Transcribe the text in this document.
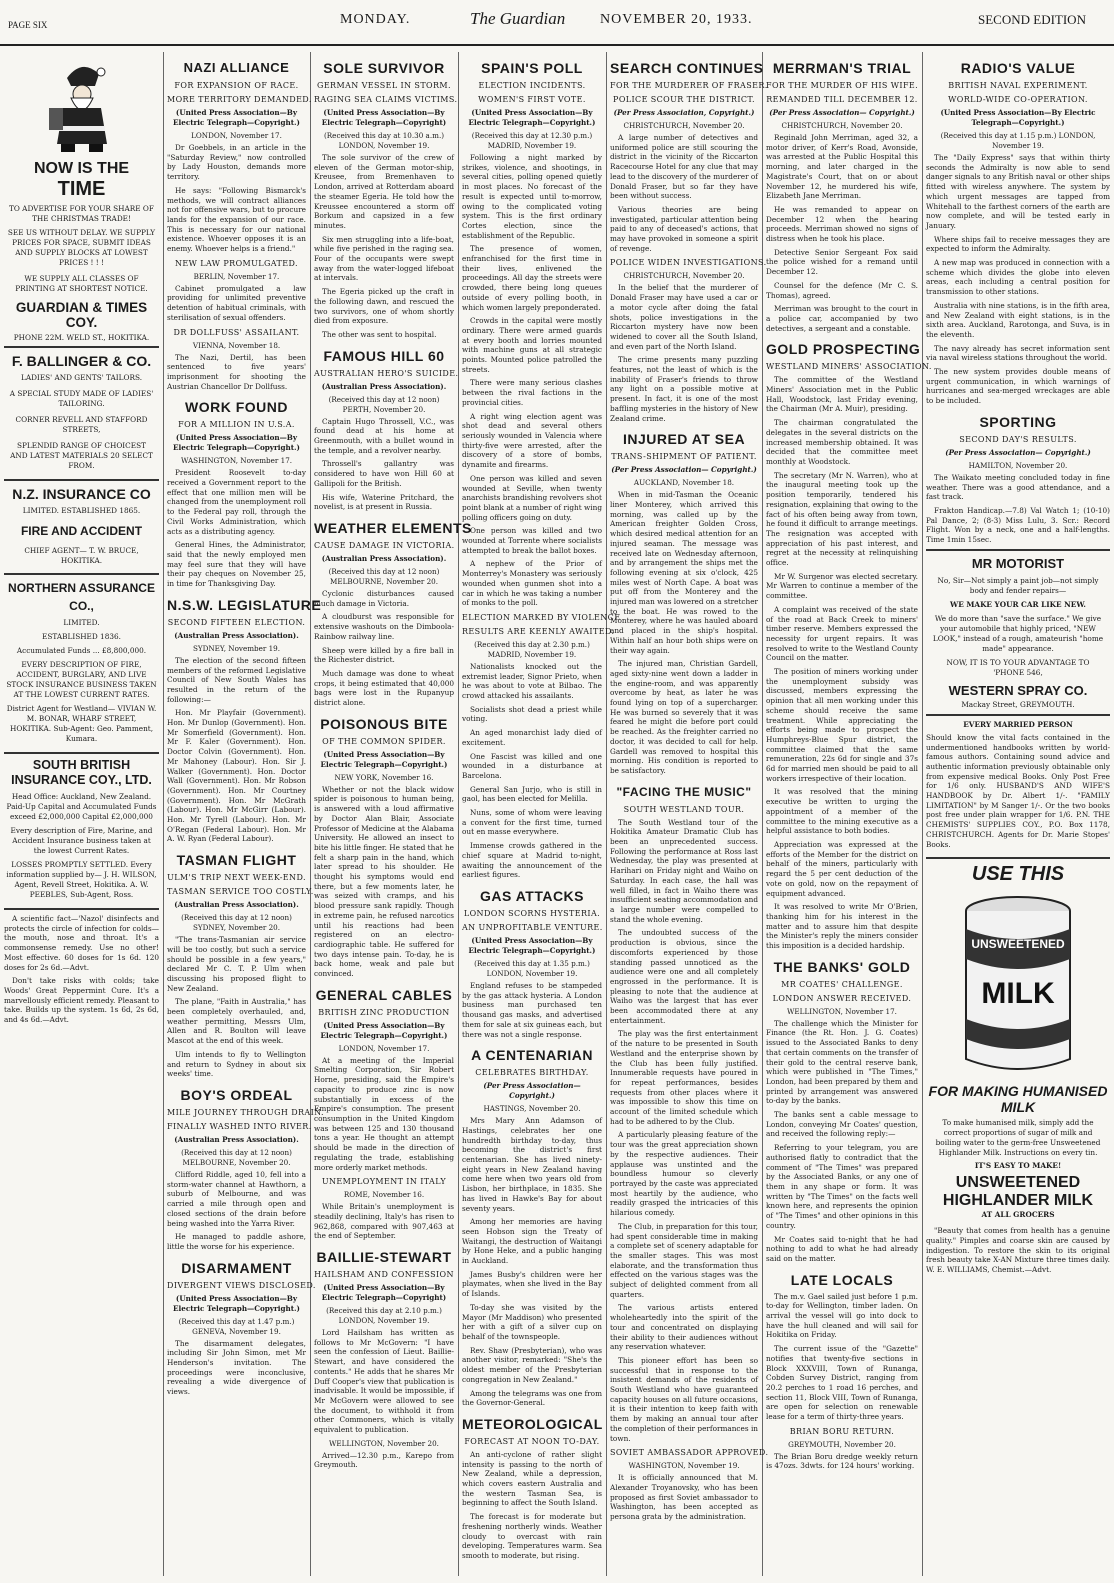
PAGE SIX	MONDAY.	The Guardian NOVEMBER 20, 1933.	SECOND EDITION
NOW IS THE
TIME
TO ADVERTISE FOR YOUR SHARE OF THE CHRISTMAS TRADE!
SEE US WITHOUT DELAY. WE SUPPLY PRICES FOR SPACE, SUBMIT IDEAS AND SUPPLY BLOCKS AT LOWEST PRICES ! ! !
WE SUPPLY ALL CLASSES OF PRINTING AT SHORTEST NOTICE.
GUARDIAN & TIMES COY.
PHONE 22M. WELD ST., HOKITIKA.
F. BALLINGER & CO.
LADIES' AND GENTS' TAILORS.
A SPECIAL STUDY MADE OF LADIES' TAILORING.
CORNER REVELL AND STAFFORD STREETS,
SPLENDID RANGE OF CHOICEST AND LATEST MATERIALS 20 SELECT FROM.
N.Z. INSURANCE CO
LIMITED. ESTABLISHED 1865.
FIRE AND ACCIDENT
CHIEF AGENT— T. W. BRUCE, HOKITIKA.
NORTHERN ASSURANCE CO.,
LIMITED.
ESTABLISHED 1836.
Accumulated Funds ... £8,800,000.
EVERY DESCRIPTION OF FIRE, ACCIDENT, BURGLARY, AND LIVE STOCK INSURANCE BUSINESS TAKEN AT THE LOWEST CURRENT RATES.
District Agent for Westland— VIVIAN W. M. BONAR, WHARF STREET, HOKITIKA. Sub-Agent: Geo. Pamment, Kumara.
SOUTH BRITISH INSURANCE COY., LTD.
Head Office: Auckland, New Zealand. Paid-Up Capital and Accumulated Funds exceed £2,000,000 Capital £2,000,000
Every description of Fire, Marine, and Accident Insurance business taken at the lowest Current Rates.
LOSSES PROMPTLY SETTLED. Every information supplied by— J. H. WILSON, Agent, Revell Street, Hokitika. A. W. PEEBLES, Sub-Agent, Ross.

A scientific fact—'Nazol' disinfects and protects the circle of infection for colds—the mouth, nose and throat. It's a commonsense remedy. Use no other! Most effective. 60 doses for 1s 6d. 120 doses for 2s 6d.—Advt.

Don't take risks with colds; take Woods' Great Peppermint Cure. It's a marvellously efficient remedy. Pleasant to take. Builds up the system. 1s 6d, 2s 6d, and 4s 6d.—Advt.

NAZI ALLIANCE
FOR EXPANSION OF RACE.
MORE TERRITORY DEMANDED.
(United Press Association—By Electric Telegraph—Copyright.)
LONDON, November 17.

Dr Goebbels, in an article in the "Saturday Review," now controlled by Lady Houston, demands more territory.

He says: "Following Bismarck's methods, we will contract alliances not for offensive wars, but to procure lands for the expansion of our race. This is necessary for our national existence. Whoever opposes it is an enemy. Whoever helps is a friend."

NEW LAW PROMULGATED.
BERLIN, November 17.

Cabinet promulgated a law providing for unlimited preventive detention of habitual criminals, with sterilisation of sexual offenders.

DR DOLLFUSS' ASSAILANT.
VIENNA, November 18.

The Nazi, Dertil, has been sentenced to five years' imprisonment for shooting the Austrian Chancellor Dr Dollfuss.

WORK FOUND
FOR A MILLION IN U.S.A.
(United Press Association—By Electric Telegraph—Copyright.)
WASHINGTON, November 17.

President Roosevelt to-day received a Government report to the effect that one million men will be changed from the unemployment roll to the Federal pay roll, through the Civil Works Administration, which acts as a distributing agency.

General Hines, the Administrator, said that the newly employed men may feel sure that they will have their pay cheques on November 25, in time for Thanksgiving Day.

N.S.W. LEGISLATURE
SECOND FIFTEEN ELECTION.
(Australian Press Association).
SYDNEY, November 19.

The election of the second fifteen members of the reformed Legislative Council of New South Wales has resulted in the return of the following:—

Hon. Mr Playfair (Government). Hon. Mr Dunlop (Government). Hon. Mr Somerfield (Government). Hon. Mr F. Kaler (Government). Hon. Doctor Colvin (Government). Hon. Mr Mahoney (Labour). Hon. Sir J. Walker (Government). Hon. Doctor Wall (Government). Hon. Mr Robson (Government). Hon. Mr Courtney (Government). Hon. Mr McGrath (Labour). Hon. Mr McGirr (Labour). Hon. Mr Tyrell (Labour). Hon. Mr O'Regan (Federal Labour). Hon. Mr A. W. Ryan (Federal Labour).

TASMAN FLIGHT
ULM'S TRIP NEXT WEEK-END.
TASMAN SERVICE TOO COSTLY.
(Australian Press Association).
(Received this day at 12 noon) SYDNEY, November 20.

"The trans-Tasmanian air service will be too costly, but such a service should be possible in a few years," declared Mr C. T. P. Ulm when discussing his proposed flight to New Zealand.

The plane, "Faith in Australia," has been completely overhauled, and, weather permitting, Messrs Ulm, Allen and R. Boulton will leave Mascot at the end of this week.

Ulm intends to fly to Wellington and return to Sydney in about six weeks' time.

BOY'S ORDEAL
MILE JOURNEY THROUGH DRAIN.
FINALLY WASHED INTO RIVER.
(Australian Press Association).
(Received this day at 12 noon) MELBOURNE, November 20.

Clifford Riddle, aged 10, fell into a storm-water channel at Hawthorn, a suburb of Melbourne, and was carried a mile through open and closed sections of the drain before being washed into the Yarra River.

He managed to paddle ashore, little the worse for his experience.

DISARMAMENT
DIVERGENT VIEWS DISCLOSED.
(United Press Association—By Electric Telegraph—Copyright.)
(Received this day at 1.47 p.m.) GENEVA, November 19.

The disarmament delegates, including Sir John Simon, met Mr Henderson's invitation. The proceedings were inconclusive, revealing a wide divergence of views.

SOLE SURVIVOR
GERMAN VESSEL IN STORM.
RAGING SEA CLAIMS VICTIMS.
(United Press Association—By Electric Telegraph—Copyright)
(Received this day at 10.30 a.m.) LONDON, November 19.

The sole survivor of the crew of eleven of the German motor-ship, Kreusee, from Bremenhaven to London, arrived at Rotterdam aboard the steamer Egeria. He told how the Kreussee encountered a storm off Borkum and capsized in a few minutes.

Six men struggling into a life-boat, while five perished in the raging sea. Four of the occupants were swept away from the water-logged lifeboat at intervals.

The Egeria picked up the craft in the following dawn, and rescued the two survivors, one of whom shortly died from exposure.

The other was sent to hospital.

FAMOUS HILL 60
AUSTRALIAN HERO'S SUICIDE.
(Australian Press Association).
(Received this day at 12 noon) PERTH, November 20.

Captain Hugo Throssell, V.C., was found dead at his home at Greenmouth, with a bullet wound in the temple, and a revolver nearby.

Throssell's gallantry was considered to have won Hill 60 at Gallipoli for the British.

His wife, Waterine Pritchard, the novelist, is at present in Russia.

WEATHER ELEMENTS
CAUSE DAMAGE IN VICTORIA.
(Australian Press Association).
(Received this day at 12 noon) MELBOURNE, November 20.

Cyclonic disturbances caused much damage in Victoria.

A cloudburst was responsible for extensive washouts on the Dimboola-Rainbow railway line.

Sheep were killed by a fire ball in the Richester district.

Much damage was done to wheat crops, it being estimated that 40,000 bags were lost in the Rupanyup district alone.

POISONOUS BITE
OF THE COMMON SPIDER.
(United Press Association—By Electric Telegraph—Copyright.)
NEW YORK, November 16.

Whether or not the black widow spider is poisonous to human being, is answered with a loud affirmative by Doctor Alan Blair, Associate Professor of Medicine at the Alabama University. He allowed an insect to bite his little finger. He stated that he felt a sharp pain in the hand, which later spread to his shoulder. He thought his symptoms would end there, but a few moments later, he was seized with cramps, and his blood pressure sank rapidly. Though in extreme pain, he refused narcotics until his reactions had been registered on an electro-cardiographic table. He suffered for two days intense pain. To-day, he is back home, weak and pale but convinced.

GENERAL CABLES
BRITISH ZINC PRODUCTION
(United Press Association—By Electric Telegraph—Copyright.)
LONDON, November 17.

At a meeting of the Imperial Smelting Corporation, Sir Robert Horne, presiding, said the Empire's capacity to produce zinc is now substantially in excess of the Empire's consumption. The present consumption in the United Kingdom was between 125 and 130 thousand tons a year. He thought an attempt should be made in the direction of regulating the trade, establishing more orderly market methods.

UNEMPLOYMENT IN ITALY
ROME, November 16.

While Britain's unemployment is steadily declining, Italy's has risen to 962,868, compared with 907,463 at the end of September.

BAILLIE-STEWART
HAILSHAM AND CONFESSION
(United Press Association—By Electric Telegraph—Copyright)
(Received this day at 2.10 p.m.) LONDON, November 19.

Lord Hailsham has written as follows to Mr McGovern: "I have seen the confession of Lieut. Baillie-Stewart, and have considered the contents." He adds that he shares Mr Duff Cooper's view that publication is inadvisable. It would be impossible, if Mr McGovern were allowed to see the document, to withhold it from other Commoners, which is vitally equivalent to publication.

WELLINGTON, November 20.

Arrived—12.30 p.m., Karepo from Greymouth.

SPAIN'S POLL
ELECTION INCIDENTS.
WOMEN'S FIRST VOTE.
(United Press Association—By Electric Telegraph—Copyright.)
(Received this day at 12.30 p.m.) MADRID, November 19.

Following a night marked by strikes, violence, and shootings, in several cities, polling opened quietly in most places. No forecast of the result is expected until to-morrow, owing to the complicated voting system. This is the first ordinary Cortes election, since the establishment of the Republic.

The presence of women, enfranchised for the first time in their lives, enlivened the proceedings. All day the streets were crowded, there being long queues outside of every polling booth, in which women largely preponderated.

Crowds in the capital were mostly ordinary. There were armed guards at every booth and lorries mounted with machine guns at all strategic points. Mounted police patrolled the streets.

There were many serious clashes between the rival factions in the provincial cities.

A right wing election agent was shot dead and several others seriously wounded in Valencia where thirty-five were arrested, after the discovery of a store of bombs, dynamite and firearms.

One person was killed and seven wounded at Seville, when twenty anarchists brandishing revolvers shot point blank at a number of right wing polling officers going on duty.

One person was killed and two wounded at Torrente where socialists attempted to break the ballot boxes.

A nephew of the Prior of Monterrey's Monastery was seriously wounded when gunmen shot into a car in which he was taking a number of monks to the poll.

ELECTION MARKED BY VIOLENCE
RESULTS ARE KEENLY AWAITED.
(Received this day at 2.30 p.m.) MADRID, November 19.

Nationalists knocked out the extremist leader, Signor Prieto, when he was about to vote at Bilbao. The crowd attacked his assailants.

Socialists shot dead a priest while voting.

An aged monarchist lady died of excitement.

One Fascist was killed and one wounded in a disturbance at Barcelona.

General San Jurjo, who is still in gaol, has been elected for Melilla.

Nuns, some of whom were leaving a convent for the first time, turned out en masse everywhere.

Immense crowds gathered in the chief square at Madrid to-night, awaiting the announcement of the earliest figures.

GAS ATTACKS
LONDON SCORNS HYSTERIA.
AN UNPROFITABLE VENTURE.
(United Press Association—By Electric Telegraph—Copyright.)
(Received this day at 1.35 p.m.) LONDON, November 19.

England refuses to be stampeded by the gas attack hysteria. A London business man purchased ten thousand gas masks, and advertised them for sale at six guineas each, but there was not a single response.

A CENTENARIAN
CELEBRATES BIRTHDAY.
(Per Press Association—Copyright.)
HASTINGS, November 20.

Mrs Mary Ann Adamson of Hastings, celebrates her one hundredth birthday to-day, thus becoming the district's first centenarian. She has lived ninety-eight years in New Zealand having come here when two years old from Lisbon, her birthplace, in 1835. She has lived in Hawke's Bay for about seventy years.

Among her memories are having seen Hobson sign the Treaty of Waitangi, the destruction of Waitangi by Hone Heke, and a public hanging in Auckland.

James Busby's children were her playmates, when she lived in the Bay of Islands.

To-day she was visited by the Mayor (Mr Maddison) who presented her with a gift of a silver cup on behalf of the townspeople.

Rev. Shaw (Presbyterian), who was another visitor, remarked: "She's the oldest member of the Presbyterian congregation in New Zealand."

Among the telegrams was one from the Governor-General.

METEOROLOGICAL
FORECAST AT NOON TO-DAY.

An anti-cyclone of rather slight intensity is passing to the north of New Zealand, while a depression, which covers eastern Australia and the western Tasman Sea, is beginning to affect the South Island.

The forecast is for moderate but freshening northerly winds. Weather cloudy to overcast with rain developing. Temperatures warm. Sea smooth to moderate, but rising.

SEARCH CONTINUES
FOR THE MURDERER OF FRASER.
POLICE SCOUR THE DISTRICT.
(Per Press Association, Copyright.)
CHRISTCHURCH, November 20.

A large number of detectives and uniformed police are still scouring the district in the vicinity of the Riccarton Racecourse Hotel for any clue that may lead to the discovery of the murderer of Donald Fraser, but so far they have been without success.

Various theories are being investigated, particular attention being paid to any of deceased's actions, that may have provoked in someone a spirit of revenge.

POLICE WIDEN INVESTIGATIONS.
CHRISTCHURCH, November 20.

In the belief that the murderer of Donald Fraser may have used a car or a motor cycle after doing the fatal shots, police investigations in the Riccarton mystery have now been widened to cover all the South Island, and even part of the North Island.

The crime presents many puzzling features, not the least of which is the inability of Fraser's friends to throw any light on a possible motive at present. In fact, it is one of the most baffling mysteries in the history of New Zealand crime.

INJURED AT SEA
TRANS-SHIPMENT OF PATIENT.
(Per Press Association— Copyright.)
AUCKLAND, November 18.

When in mid-Tasman the Oceanic liner Monterey, which arrived this morning, was called up by the American freighter Golden Cross, which desired medical attention for an injured seaman. The message was received late on Wednesday afternoon, and by arrangement the ships met the following evening at six o'clock, 425 miles west of North Cape. A boat was put off from the Monterey and the injured man was lowered on a stretcher to the boat. He was rowed to the Monterey, where he was hauled aboard and placed in the ship's hospital. Within half an hour both ships were on their way again.

The injured man, Christian Gardell, aged sixty-nine went down a ladder in the engine-room, and was apparently overcome by heat, as later he was found lying on top of a supercharger. He was burned so severely that it was feared he might die before port could be reached. As the freighter carried no doctor, it was decided to call for help. Gardell was removed to hospital this morning. His condition is reported to be satisfactory.

"FACING THE MUSIC"
SOUTH WESTLAND TOUR.

The South Westland tour of the Hokitika Amateur Dramatic Club has been an unprecedented success. Following the performance at Ross last Wednesday, the play was presented at Harihari on Friday night and Waiho on Saturday. In each case, the hall was well filled, in fact in Waiho there was insufficient seating accommodation and a large number were compelled to stand the whole evening.

The undoubted success of the production is obvious, since the discomforts experienced by those standing passed unnoticed as the audience were one and all completely engrossed in the performance. It is pleasing to note that the audience at Waiho was the largest that has ever been accommodated there at any entertainment.

The play was the first entertainment of the nature to be presented in South Westland and the enterprise shown by the Club has been fully justified. Innumerable requests have poured in for repeat performances, besides requests from other places where it was impossible to show this time on account of the limited schedule which had to be adhered to by the Club.

A particularly pleasing feature of the tour was the great appreciation shown by the respective audiences. Their applause was unstinted and the boundless humour so cleverly portrayed by the caste was appreciated most heartily by the audience, who readily grasped the intricacies of this hilarious comedy.

The Club, in preparation for this tour, had spent considerable time in making a complete set of scenery adaptable for the smaller stages. This was most elaborate, and the transformation thus effected on the various stages was the subject of delighted comment from all quarters.

The various artists entered wholeheartedly into the spirit of the tour and concentrated on displaying their ability to their audiences without any reservation whatever.

This pioneer effort has been so successful that in response to the insistent demands of the residents of South Westland who have guaranteed capacity houses on all future occasions, it is their intention to keep faith with them by making an annual tour after the completion of their performances in town.

SOVIET AMBASSADOR APPROVED.
WASHINGTON, November 19.

It is officially announced that M. Alexander Troyanovsky, who has been proposed as first Soviet ambassador to Washington, has been accepted as persona grata by the administration.

MERRMAN'S TRIAL
FOR THE MURDER OF HIS WIFE.
REMANDED TILL DECEMBER 12.
(Per Press Association— Copyright.)
CHRISTCHURCH, November 20.

Reginald John Merriman, aged 32, a motor driver, of Kerr's Road, Avonside, was arrested at the Public Hospital this morning, and later charged in the Magistrate's Court, that on or about November 12, he murdered his wife, Elizabeth Jane Merriman.

He was remanded to appear on December 12 when the hearing proceeds. Merriman showed no signs of distress when he took his place.

Detective Senior Sergeant Fox said the police wished for a remand until December 12.

Counsel for the defence (Mr C. S. Thomas), agreed.

Merriman was brought to the court in a police car, accompanied by two detectives, a sergeant and a constable.

GOLD PROSPECTING
WESTLAND MINERS' ASSOCIATION.

The committee of the Westland Miners' Association met in the Public Hall, Woodstock, last Friday evening, the Chairman (Mr A. Muir), presiding.

The chairman congratulated the delegates in the several districts on the increased membership obtained. It was decided that the committee meet monthly at Woodstock.

The secretary (Mr N. Warren), who at the inaugural meeting took up the position temporarily, tendered his resignation, explaining that owing to the fact of his often being away from town, he found it difficult to arrange meetings. The resignation was accepted with appreciation of his past interest, and regret at the necessity at relinquishing office.

Mr W. Surgenor was elected secretary. Mr Warren to continue a member of the committee.

A complaint was received of the state of the road at Back Creek to miners' timber reserve. Members expressed the necessity for urgent repairs. It was resolved to write to the Westland County Council on the matter.

The position of miners working under the unemployment subsidy was discussed, members expressing the opinion that all men working under this scheme should receive the same treatment. While appreciating the efforts being made to prospect the Humphreys-Blue Spur district, the committee claimed that the same remuneration, 22s 6d for single and 37s 6d for married men should be paid to all workers irrespective of their location.

It was resolved that the mining executive be written to urging the appointment of a member of the committee to the mining executive as a helpful assistance to both bodies.

Appreciation was expressed at the efforts of the Member for the district on behalf of the miners, particularly with regard the 5 per cent deduction of the vote on gold, now on the repayment of equipment advanced.

It was resolved to write Mr O'Brien, thanking him for his interest in the matter and to assure him that despite the Minister's reply the miners consider this imposition is a decided hardship.

THE BANKS' GOLD
MR COATES' CHALLENGE.
LONDON ANSWER RECEIVED.
WELLINGTON, November 17.

The challenge which the Minister for Finance (the Rt. Hon. J. G. Coates) issued to the Associated Banks to deny that certain comments on the transfer of their gold to the central reserve bank, which were published in "The Times," London, had been prepared by them and printed by arrangement was answered to-day by the banks.

The banks sent a cable message to London, conveying Mr Coates' question, and received the following reply:—

Referring to your telegram, you are authorised flatly to contradict that the comment of "The Times" was prepared by the Associated Banks, or any one of them in any shape or form. It was written by "The Times" on the facts well known here, and represents the opinion of "The Times" and other opinions in this country.

Mr Coates said to-night that he had nothing to add to what he had already said on the matter.

LATE LOCALS

The m.v. Gael sailed just before 1 p.m. to-day for Wellington, timber laden. On arrival the vessel will go into dock to have the hull cleaned and will sail for Hokitika on Friday.

The current issue of the "Gazette" notifies that twenty-five sections in Block XXXVIII, Town of Runanga, Cobden Survey District, ranging from 20.2 perches to 1 road 16 perches, and section 11, Block VIII, Town of Runanga, are open for selection on renewable lease for a term of thirty-three years.

BRIAN BORU RETURN.
GREYMOUTH, November 20.

The Brian Boru dredge weekly return is 47ozs. 3dwts. for 124 hours' working.

RADIO'S VALUE
BRITISH NAVAL EXPERIMENT.
WORLD-WIDE CO-OPERATION.
(United Press Association—By Electric Telegraph—Copyright.)
(Received this day at 1.15 p.m.) LONDON, November 19.

The "Daily Express" says that within thirty seconds the Admiralty is now able to send danger signals to any British naval or other ships fitted with wireless anywhere. The system by which urgent messages are tapped from Whitehall to the farthest corners of the earth are now complete, and will be tested early in January.

Where ships fail to receive messages they are expected to inform the Admiralty.

A new map was produced in connection with a scheme which divides the globe into eleven areas, each including a central position for transmission to other stations.

Australia with nine stations, is in the fifth area, and New Zealand with eight stations, is in the sixth area. Auckland, Rarotonga, and Suva, is in the eleventh.

The navy already has secret information sent via naval wireless stations throughout the world.

The new system provides double means of urgent communication, in which warnings of hurricanes and sea-merged wreckages are able to be included.

SPORTING
SECOND DAY'S RESULTS.
(Per Press Association— Copyright.)
HAMILTON, November 20.

The Waikato meeting concluded today in fine weather. There was a good attendance, and a fast track.

Frakton Handicap.—7.8) Val Watch 1; (10-10) Pal Dance, 2; (8-3) Miss Lulu, 3. Scr.: Record Flight. Won by a neck, one and a half-lengths. Time 1min 15sec.

MR MOTORIST
No, Sir—Not simply a paint job—not simply body and fender repairs—
WE MAKE YOUR CAR LIKE NEW.
We do more than "save the surface." We give your automobile that highly priced, "NEW LOOK," instead of a rough, amateurish "home made" appearance.
NOW, IT IS TO YOUR ADVANTAGE TO 'PHONE 546,
WESTERN SPRAY CO.
Mackay Street, GREYMOUTH.
EVERY MARRIED PERSON

Should know the vital facts contained in the undermentioned handbooks written by world-famous authors. Containing sound advice and authentic information previously obtainable only from expensive medical Books. Only Post Free for 1/6 only. HUSBAND'S AND WIFE'S HANDBOOK by Dr. Albert 1/-. "FAMILY LIMITATION" by M Sanger 1/-. Or the two books post free under plain wrapper for 1/6. P.N. THE CHEMISTS' SUPPLIES COY., P.O. Box 1178, CHRISTCHURCH. Agents for Dr. Marie Stopes' Books.

USE THIS
UNSWEETENED
MILK
FOR MAKING HUMANISED MILK
To make humanised milk, simply add the correct proportions of sugar of milk and boiling water to the germ-free Unsweetened Highlander Milk. Instructions on every tin.
IT'S EASY TO MAKE!
UNSWEETENED HIGHLANDER MILK
AT ALL GROCERS

"Beauty that comes from health has a genuine quality." Pimples and coarse skin are caused by indigestion. To restore the skin to its original fresh beauty take X-AN Mixture three times daily. W. E. WILLIAMS, Chemist.—Advt.
